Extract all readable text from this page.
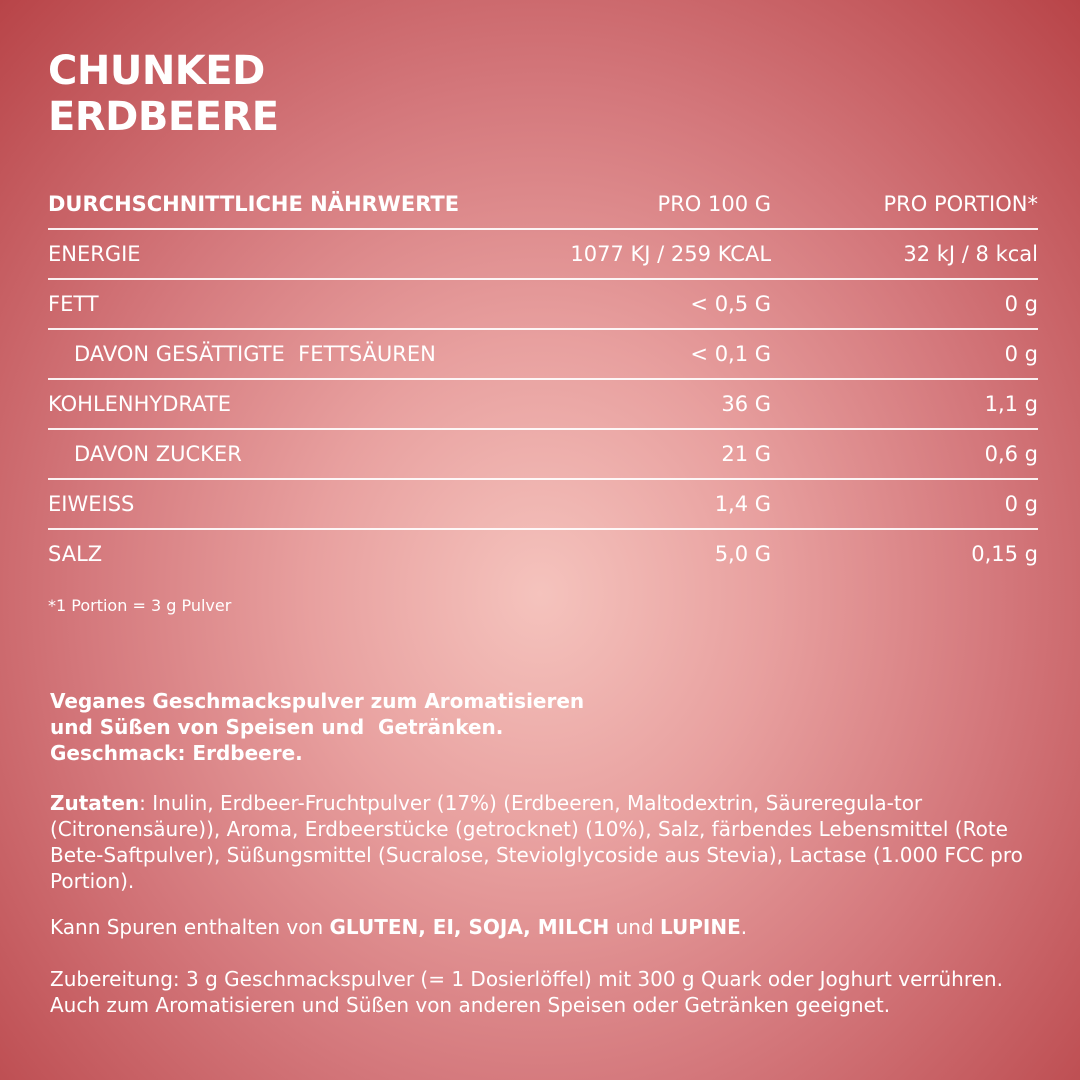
CHUNKED
ERDBEERE
DURCHSCHNITTLICHE NÄHRWERTE	PRO 100 G	PRO PORTION*
ENERGIE	1077 KJ / 259 KCAL	32 kJ / 8 kcal
FETT	< 0,5 G	0 g
DAVON GESÄTTIGTE  FETTSÄUREN	< 0,1 G	0 g
KOHLENHYDRATE	36 G	1,1 g
DAVON ZUCKER	21 G	0,6 g
EIWEISS	1,4 G	0 g
SALZ	5,0 G	0,15 g
*1 Portion = 3 g Pulver
Veganes Geschmackspulver zum Aromatisieren
und Süßen von Speisen und  Getränken.
Geschmack: Erdbeere.
Zutaten: Inulin, Erdbeer-Fruchtpulver (17%) (Erdbeeren, Maltodextrin, Säureregula-tor (Citronensäure)), Aroma, Erdbeerstücke (getrocknet) (10%), Salz, färbendes Lebensmittel (Rote Bete-Saftpulver), Süßungsmittel (Sucralose, Steviolglycoside aus Stevia), Lactase (1.000 FCC pro Portion).
Kann Spuren enthalten von GLUTEN, EI, SOJA, MILCH und LUPINE.
Zubereitung: 3 g Geschmackspulver (= 1 Dosierlöffel) mit 300 g Quark oder Joghurt verrühren. Auch zum Aromatisieren und Süßen von anderen Speisen oder Getränken geeignet.
